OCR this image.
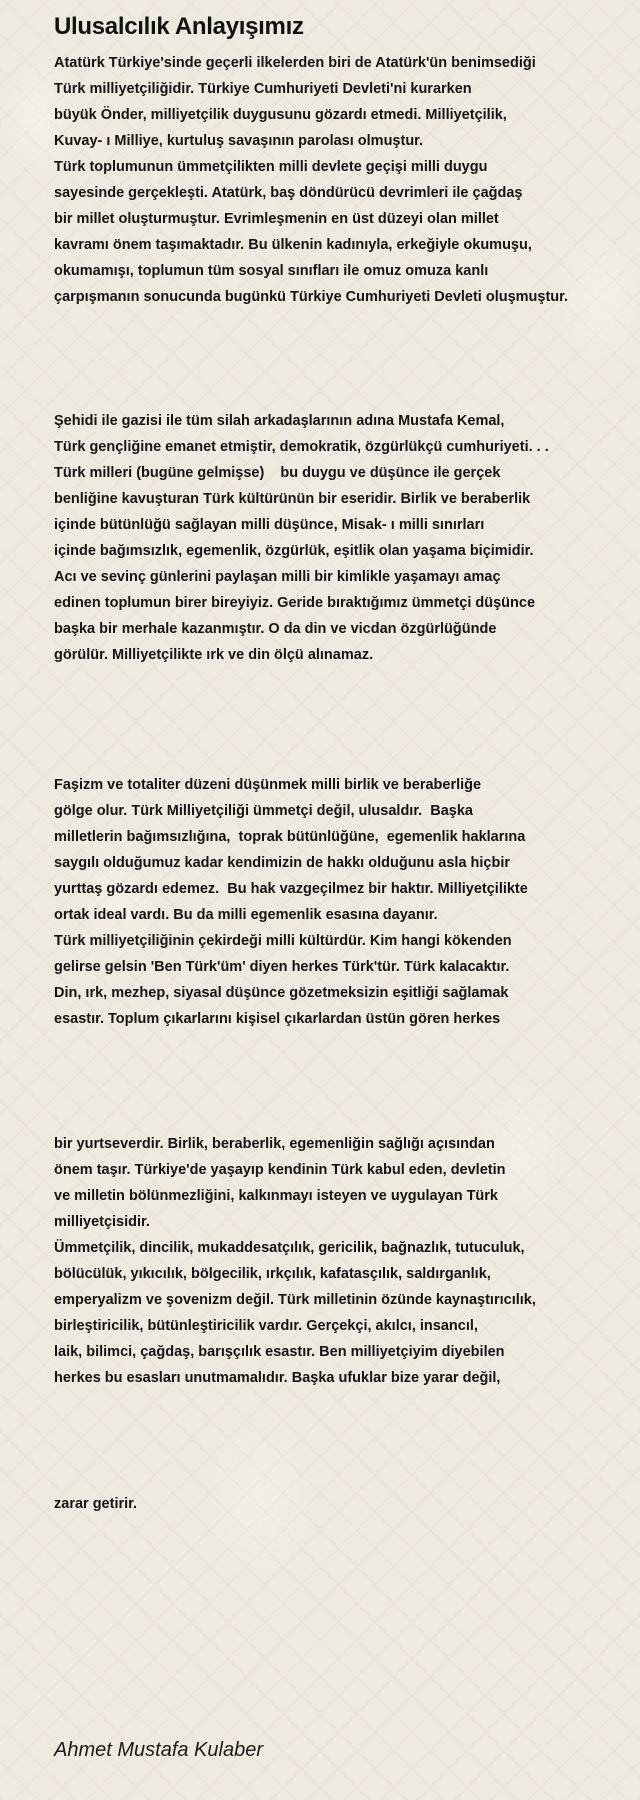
Ulusalcılık Anlayışımız

Atatürk Türkiye'sinde geçerli ilkelerden biri de Atatürk'ün benimsediği
Türk milliyetçiliğidir. Türkiye Cumhuriyeti Devleti'ni kurarken
büyük Önder, milliyetçilik duygusunu gözardı etmedi. Milliyetçilik,
Kuvay- ı Milliye, kurtuluş savaşının parolası olmuştur.
Türk toplumunun ümmetçilikten milli devlete geçişi milli duygu
sayesinde gerçekleşti. Atatürk, baş döndürücü devrimleri ile çağdaş
bir millet oluşturmuştur. Evrimleşmenin en üst düzeyi olan millet
kavramı önem taşımaktadır. Bu ülkenin kadınıyla, erkeğiyle okumuşu,
okumamışı, toplumun tüm sosyal sınıfları ile omuz omuza kanlı
çarpışmanın sonucunda bugünkü Türkiye Cumhuriyeti Devleti oluşmuştur.

Şehidi ile gazisi ile tüm silah arkadaşlarının adına Mustafa Kemal,
Türk gençliğine emanet etmiştir, demokratik, özgürlükçü cumhuriyeti. . .
Türk milleri (bugüne gelmişse)    bu duygu ve düşünce ile gerçek
benliğine kavuşturan Türk kültürünün bir eseridir. Birlik ve beraberlik
içinde bütünlüğü sağlayan milli düşünce, Misak- ı milli sınırları
içinde bağımsızlık, egemenlik, özgürlük, eşitlik olan yaşama biçimidir.
Acı ve sevinç günlerini paylaşan milli bir kimlikle yaşamayı amaç
edinen toplumun birer bireyiyiz. Geride bıraktığımız ümmetçi düşünce
başka bir merhale kazanmıştır. O da din ve vicdan özgürlüğünde
görülür. Milliyetçilikte ırk ve din ölçü alınamaz.

Faşizm ve totaliter düzeni düşünmek milli birlik ve beraberliğe
gölge olur. Türk Milliyetçiliği ümmetçi değil, ulusaldır.  Başka
milletlerin bağımsızlığına,  toprak bütünlüğüne,  egemenlik haklarına
saygılı olduğumuz kadar kendimizin de hakkı olduğunu asla hiçbir
yurttaş gözardı edemez.  Bu hak vazgeçilmez bir haktır. Milliyetçilikte
ortak ideal vardı. Bu da milli egemenlik esasına dayanır.
Türk milliyetçiliğinin çekirdeği milli kültürdür. Kim hangi kökenden
gelirse gelsin 'Ben Türk'üm' diyen herkes Türk'tür. Türk kalacaktır.
Din, ırk, mezhep, siyasal düşünce gözetmeksizin eşitliği sağlamak
esastır. Toplum çıkarlarını kişisel çıkarlardan üstün gören herkes

bir yurtseverdir. Birlik, beraberlik, egemenliğin sağlığı açısından
önem taşır. Türkiye'de yaşayıp kendinin Türk kabul eden, devletin
ve milletin bölünmezliğini, kalkınmayı isteyen ve uygulayan Türk
milliyetçisidir.
Ümmetçilik, dincilik, mukaddesatçılık, gericilik, bağnazlık, tutuculuk,
bölücülük, yıkıcılık, bölgecilik, ırkçılık, kafatasçılık, saldırganlık,
emperyalizm ve şovenizm değil. Türk milletinin özünde kaynaştırıcılık,
birleştiricilik, bütünleştiricilik vardır. Gerçekçi, akılcı, insancıl,
laik, bilimci, çağdaş, barışçılık esastır. Ben milliyetçiyim diyebilen
herkes bu esasları unutmamalıdır. Başka ufuklar bize yarar değil,

zarar getirir.

Ahmet Mustafa Kulaber
